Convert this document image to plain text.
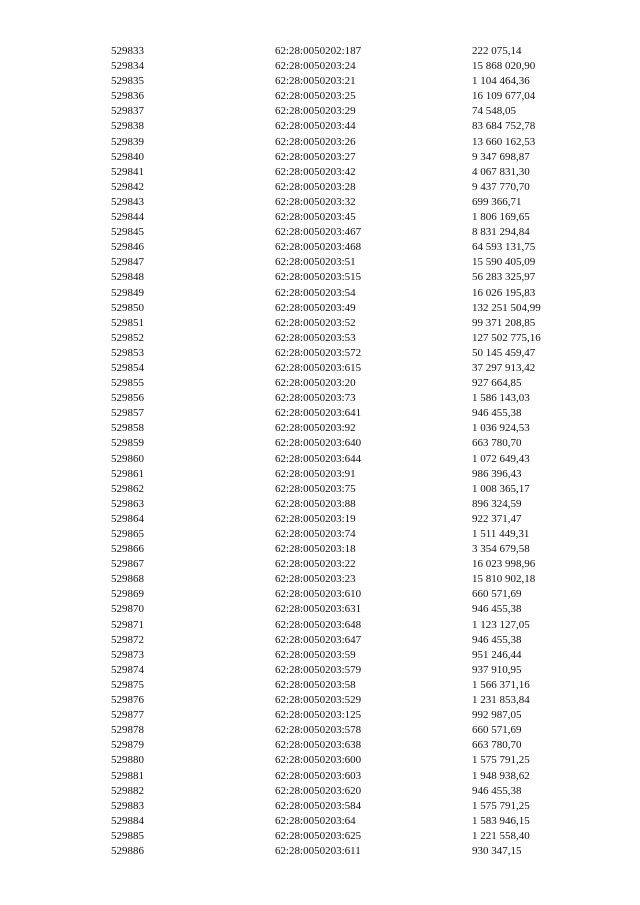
529833	62:28:0050202:187	222 075,14
529834	62:28:0050203:24	15 868 020,90
529835	62:28:0050203:21	1 104 464,36
529836	62:28:0050203:25	16 109 677,04
529837	62:28:0050203:29	74 548,05
529838	62:28:0050203:44	83 684 752,78
529839	62:28:0050203:26	13 660 162,53
529840	62:28:0050203:27	9 347 698,87
529841	62:28:0050203:42	4 067 831,30
529842	62:28:0050203:28	9 437 770,70
529843	62:28:0050203:32	699 366,71
529844	62:28:0050203:45	1 806 169,65
529845	62:28:0050203:467	8 831 294,84
529846	62:28:0050203:468	64 593 131,75
529847	62:28:0050203:51	15 590 405,09
529848	62:28:0050203:515	56 283 325,97
529849	62:28:0050203:54	16 026 195,83
529850	62:28:0050203:49	132 251 504,99
529851	62:28:0050203:52	99 371 208,85
529852	62:28:0050203:53	127 502 775,16
529853	62:28:0050203:572	50 145 459,47
529854	62:28:0050203:615	37 297 913,42
529855	62:28:0050203:20	927 664,85
529856	62:28:0050203:73	1 586 143,03
529857	62:28:0050203:641	946 455,38
529858	62:28:0050203:92	1 036 924,53
529859	62:28:0050203:640	663 780,70
529860	62:28:0050203:644	1 072 649,43
529861	62:28:0050203:91	986 396,43
529862	62:28:0050203:75	1 008 365,17
529863	62:28:0050203:88	896 324,59
529864	62:28:0050203:19	922 371,47
529865	62:28:0050203:74	1 511 449,31
529866	62:28:0050203:18	3 354 679,58
529867	62:28:0050203:22	16 023 998,96
529868	62:28:0050203:23	15 810 902,18
529869	62:28:0050203:610	660 571,69
529870	62:28:0050203:631	946 455,38
529871	62:28:0050203:648	1 123 127,05
529872	62:28:0050203:647	946 455,38
529873	62:28:0050203:59	951 246,44
529874	62:28:0050203:579	937 910,95
529875	62:28:0050203:58	1 566 371,16
529876	62:28:0050203:529	1 231 853,84
529877	62:28:0050203:125	992 987,05
529878	62:28:0050203:578	660 571,69
529879	62:28:0050203:638	663 780,70
529880	62:28:0050203:600	1 575 791,25
529881	62:28:0050203:603	1 948 938,62
529882	62:28:0050203:620	946 455,38
529883	62:28:0050203:584	1 575 791,25
529884	62:28:0050203:64	1 583 946,15
529885	62:28:0050203:625	1 221 558,40
529886	62:28:0050203:611	930 347,15
